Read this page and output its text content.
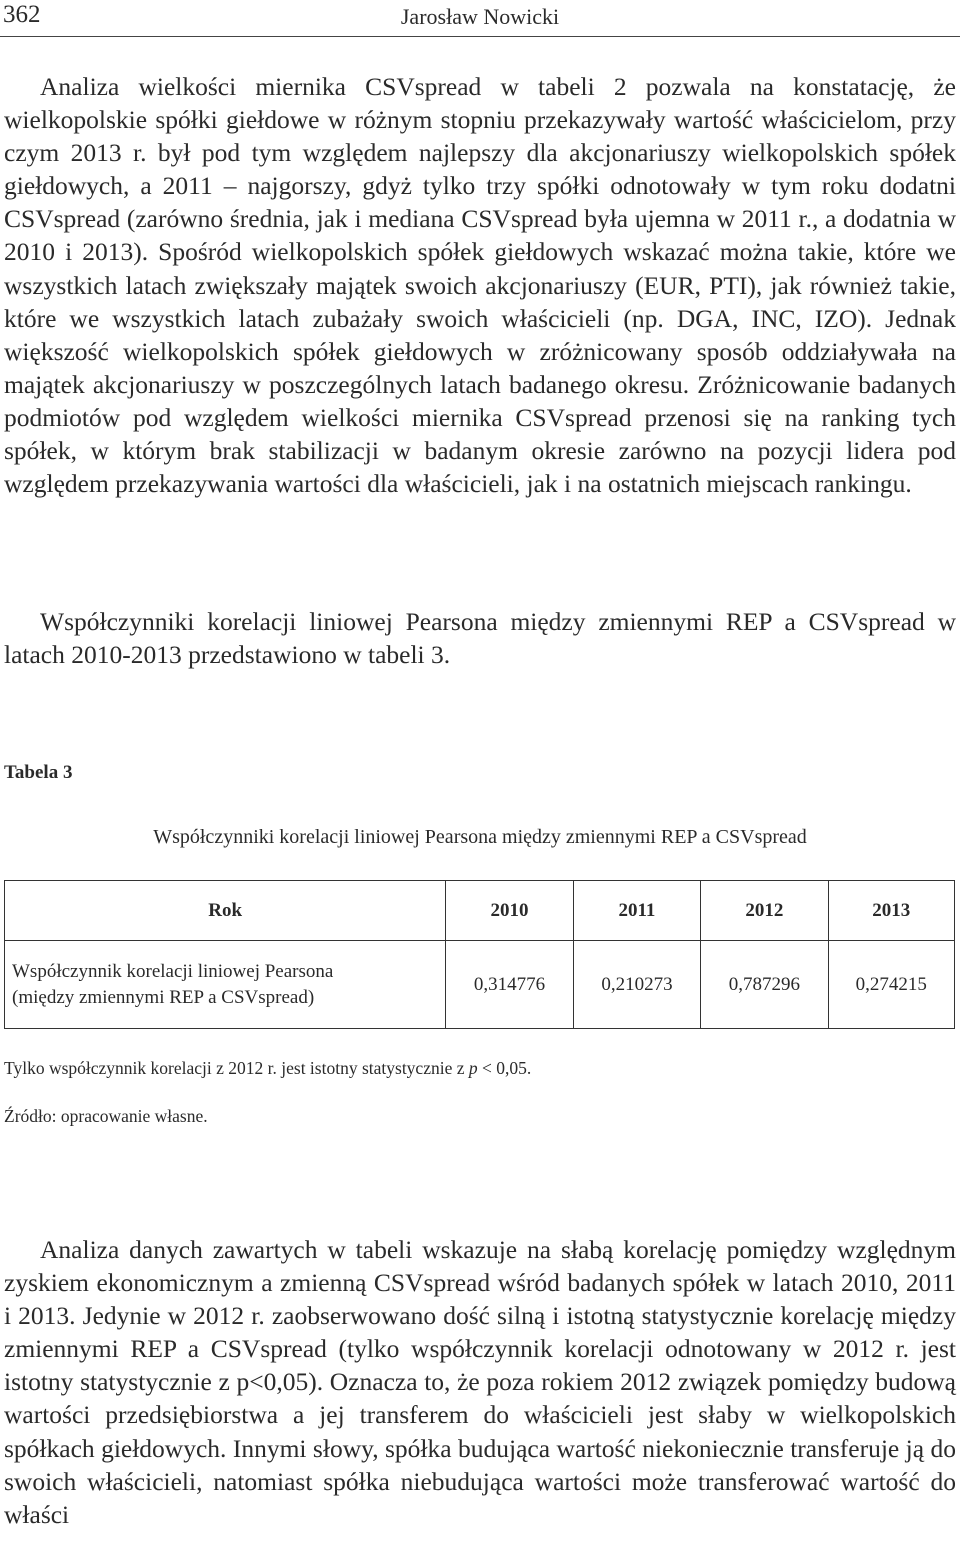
362	Jarosław Nowicki

Analiza wielkości miernika CSVspread w tabeli 2 pozwala na konstatację, że wielkopolskie spółki giełdowe w różnym stopniu przekazywały wartość właścicielom, przy czym 2013 r. był pod tym względem najlepszy dla akcjonariuszy wielkopolskich spółek giełdowych, a 2011 – najgorszy, gdyż tylko trzy spółki odnotowały w tym roku dodatni CSVspread (zarówno średnia, jak i mediana CSVspread była ujemna w 2011 r., a dodatnia w 2010 i 2013). Spośród wielkopolskich spółek giełdowych wskazać można takie, które we wszystkich latach zwiększały majątek swoich akcjonariuszy (EUR, PTI), jak również takie, które we wszystkich latach zubażały swoich właścicieli (np. DGA, INC, IZO). Jednak większość wielkopolskich spółek giełdowych w zróżnicowany sposób oddziaływała na majątek akcjonariuszy w poszczególnych latach badanego okresu. Zróżnicowanie badanych podmiotów pod względem wielkości miernika CSVspread przenosi się na ranking tych spółek, w którym brak stabilizacji w badanym okresie zarówno na pozycji lidera pod względem przekazywania wartości dla właścicieli, jak i na ostatnich miejscach rankingu.

Współczynniki korelacji liniowej Pearsona między zmiennymi REP a CSVspread w latach 2010-2013 przedstawiono w tabeli 3.

Tabela 3
Współczynniki korelacji liniowej Pearsona między zmiennymi REP a CSVspread
Rok	2010	2011	2012	2013
Współczynnik korelacji liniowej Pearsona
(między zmiennymi REP a CSVspread)	0,314776	0,210273	0,787296	0,274215
Tylko współczynnik korelacji z 2012 r. jest istotny statystycznie z p < 0,05.
Źródło: opracowanie własne.

Analiza danych zawartych w tabeli wskazuje na słabą korelację pomiędzy względnym zyskiem ekonomicznym a zmienną CSVspread wśród badanych spółek w latach 2010, 2011 i 2013. Jedynie w 2012 r. zaobserwowano dość silną i istotną statystycznie korelację między zmiennymi REP a CSVspread (tylko współczynnik korelacji odnotowany w 2012 r. jest istotny statystycznie z p<0,05). Oznacza to, że poza rokiem 2012 związek pomiędzy budową wartości przedsiębiorstwa a jej transferem do właścicieli jest słaby w wielkopolskich spółkach giełdowych. Innymi słowy, spółka budująca wartość niekoniecznie transferuje ją do swoich właścicieli, natomiast spółka niebudująca wartości może transferować wartość do właści
